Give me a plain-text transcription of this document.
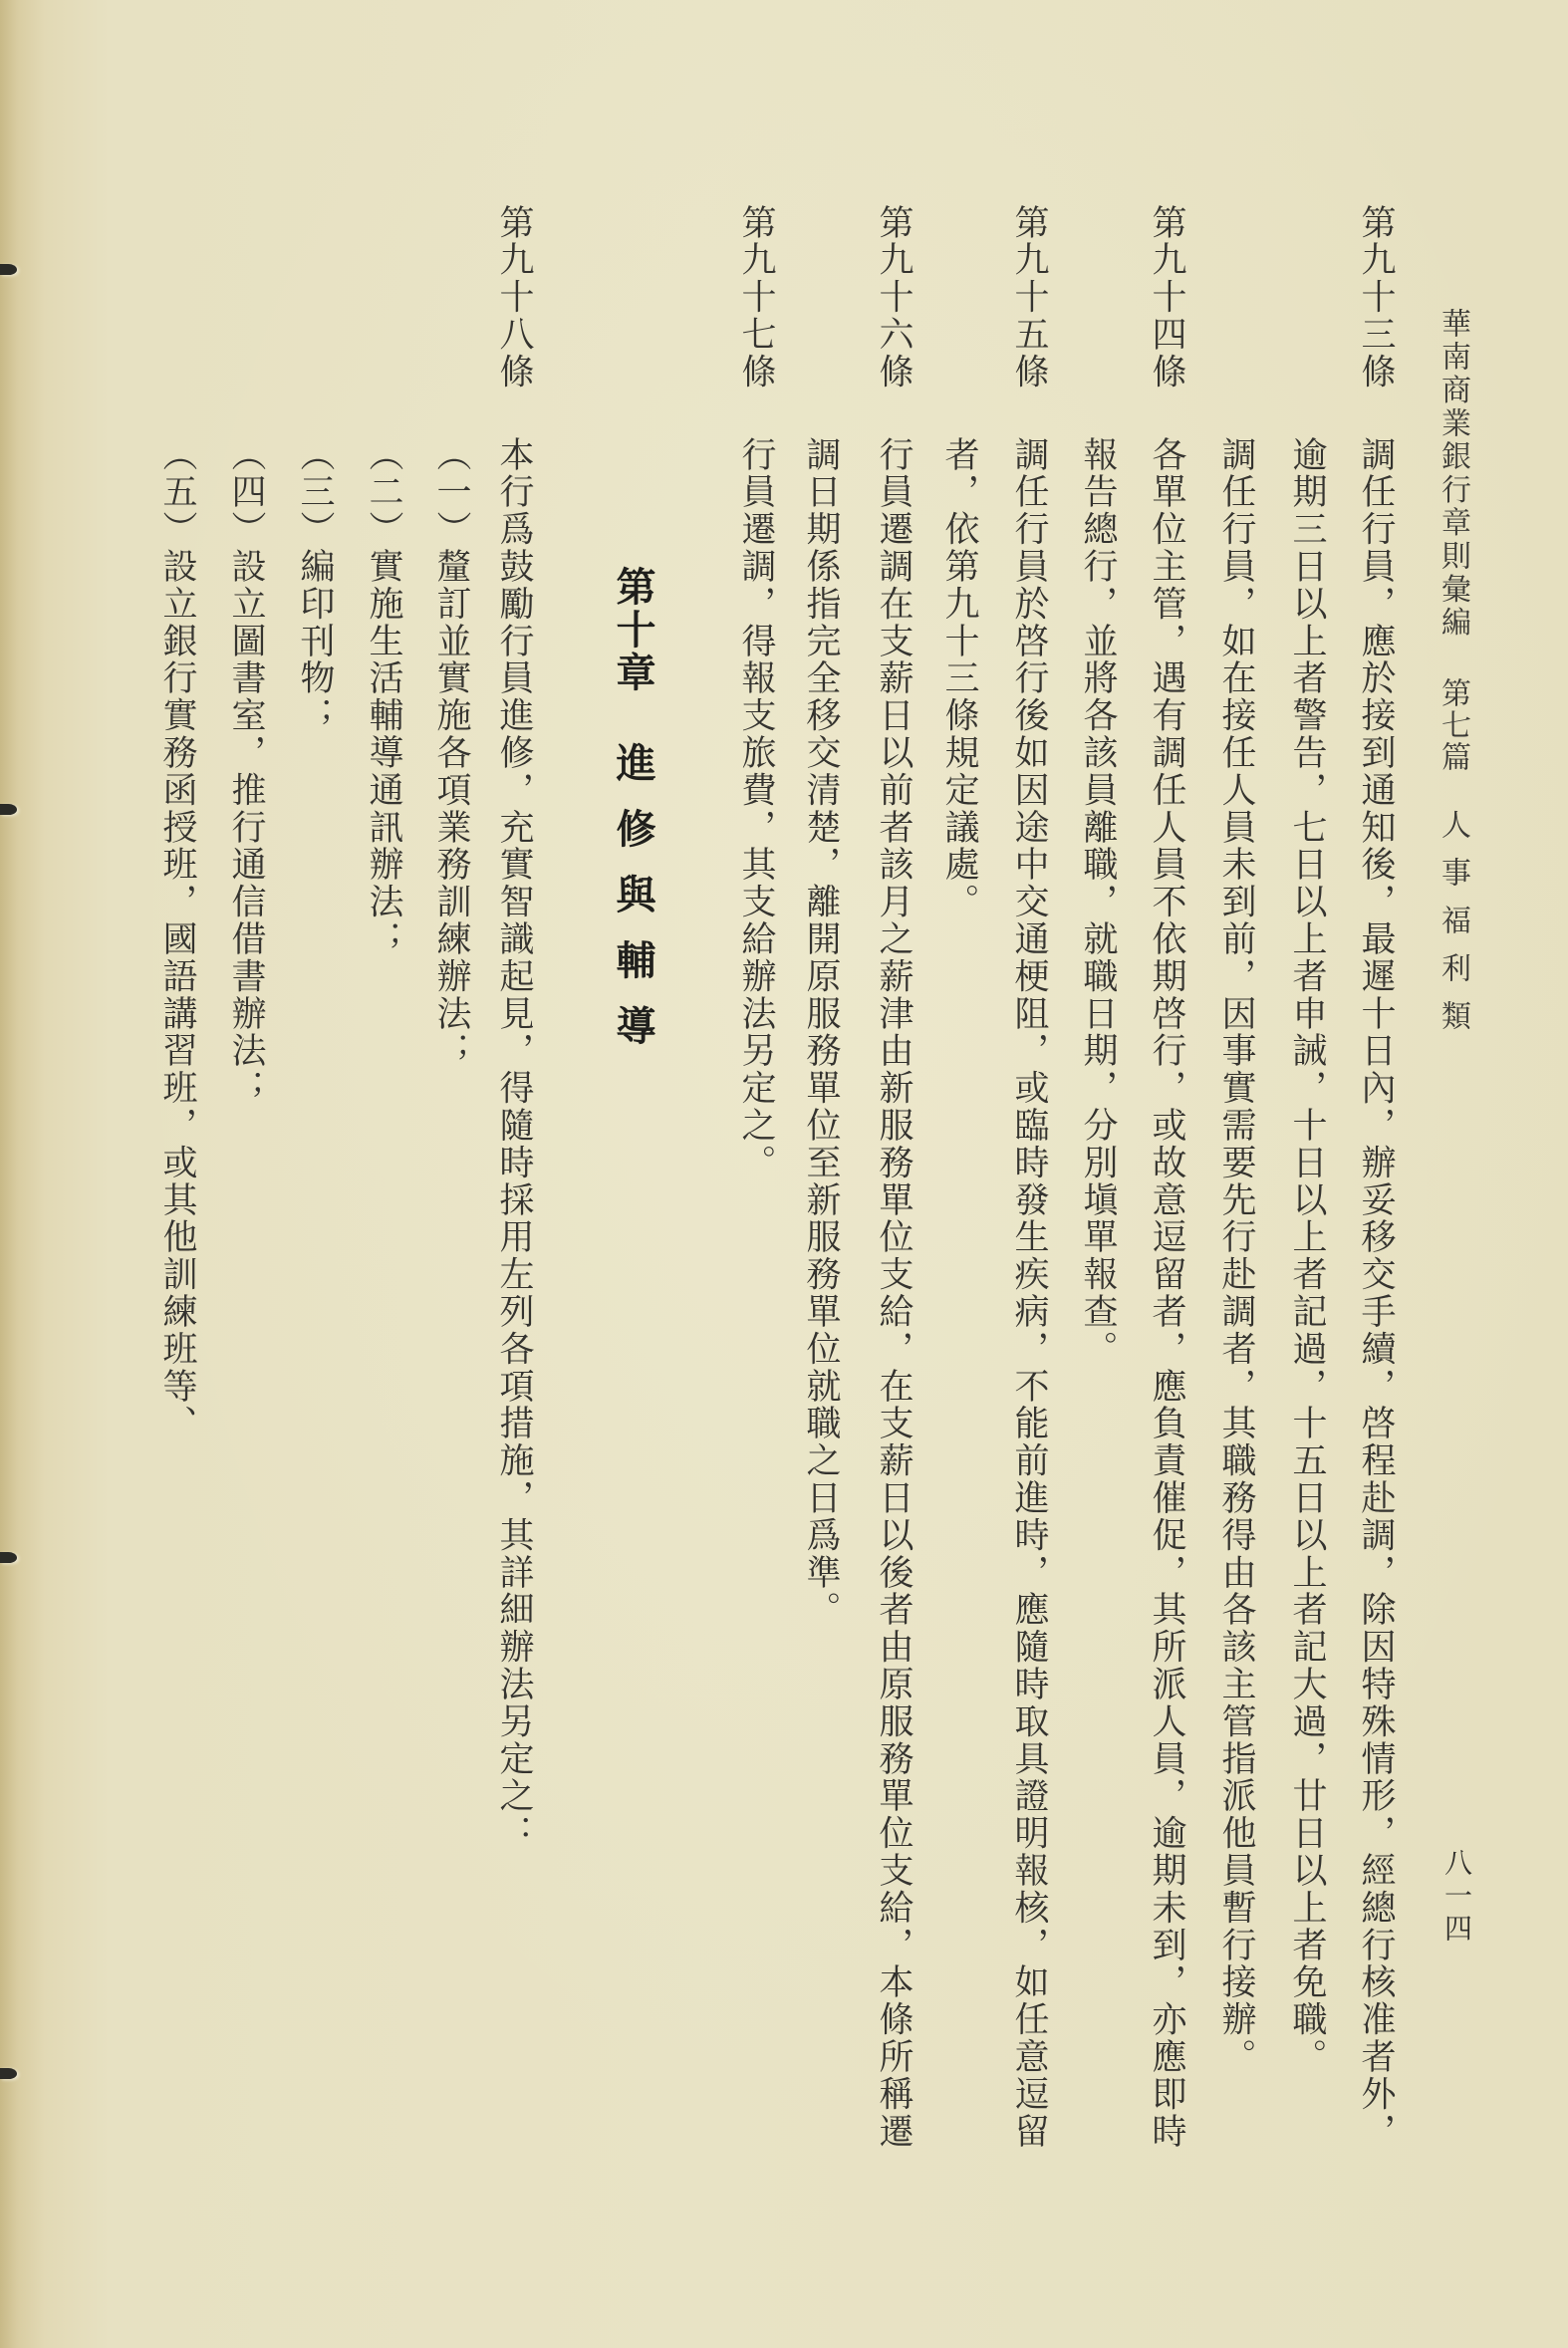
華南商業銀行章則彙編
第七篇
人事福利類
八一四
第九十三條
調任行員，應於接到通知後，最遲十日內，辦妥移交手續，啓程赴調，除因特殊情形，經總行核准者外，
逾期三日以上者警告，七日以上者申誡，十日以上者記過，十五日以上者記大過，廿日以上者免職。
調任行員，如在接任人員未到前，因事實需要先行赴調者，其職務得由各該主管指派他員暫行接辦。
第九十四條
各單位主管，遇有調任人員不依期啓行，或故意逗留者，應負責催促，其所派人員，逾期未到，亦應即時
報告總行，並將各該員離職，就職日期，分別塡單報查。
第九十五條
調任行員於啓行後如因途中交通梗阻，或臨時發生疾病，不能前進時，應隨時取具證明報核，如任意逗留
者，依第九十三條規定議處。
第九十六條
行員遷調在支薪日以前者該月之薪津由新服務單位支給，在支薪日以後者由原服務單位支給，本條所稱遷
調日期係指完全移交清楚，離開原服務單位至新服務單位就職之日爲準。
第九十七條
行員遷調，得報支旅費，其支給辦法另定之。
第十章
進修與輔導
第九十八條
本行爲鼓勵行員進修，充實智識起見，得隨時採用左列各項措施，其詳細辦法另定之：
（一）釐訂並實施各項業務訓練辦法；
（二）實施生活輔導通訊辦法；
（三）編印刊物；
（四）設立圖書室，推行通信借書辦法；
（五）設立銀行實務函授班，國語講習班，或其他訓練班等、
